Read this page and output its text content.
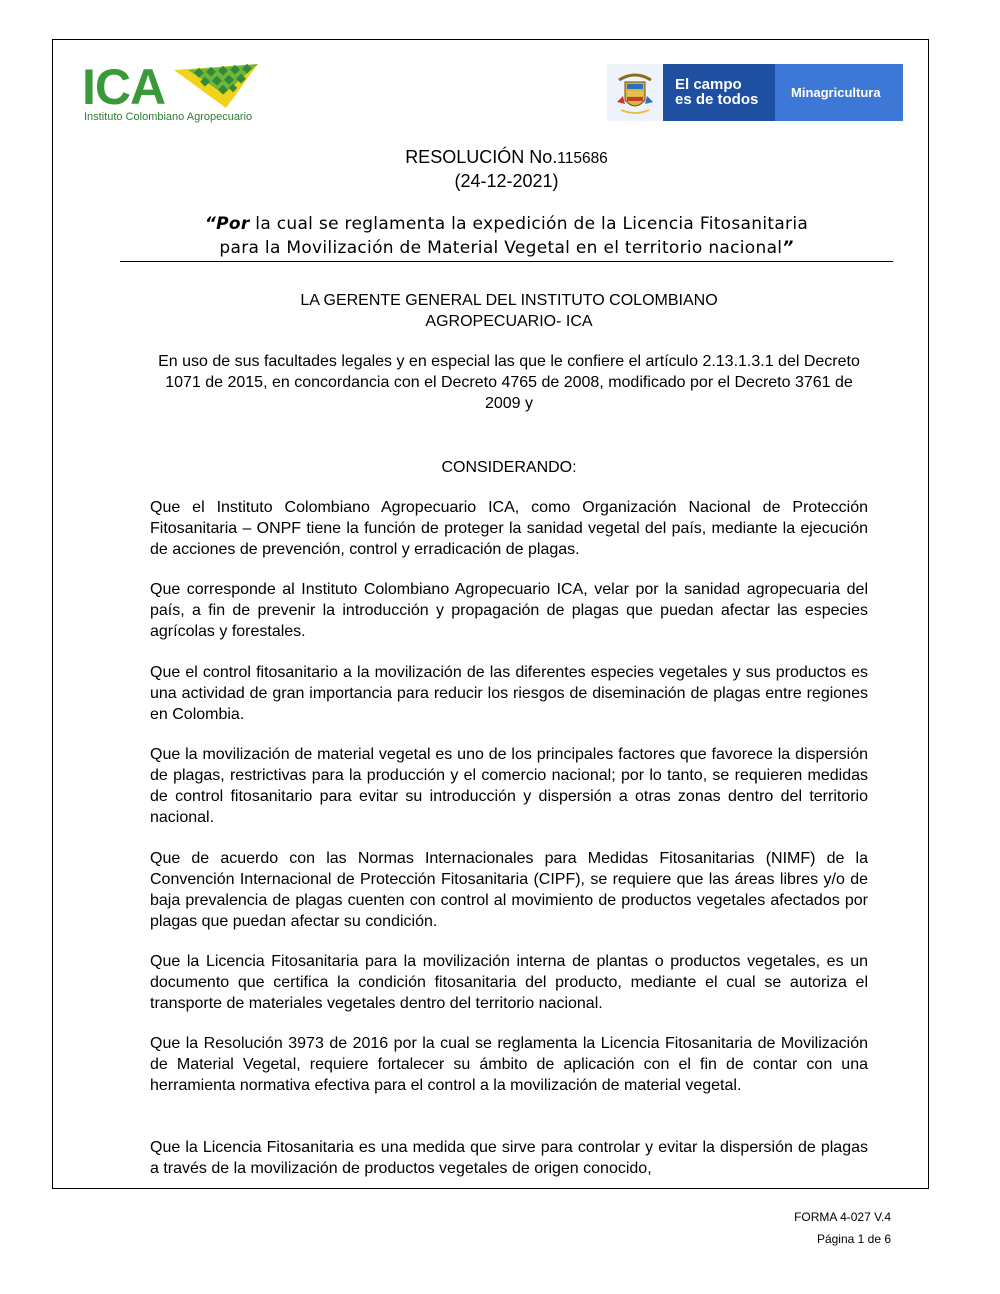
ICA
Instituto Colombiano Agropecuario
El campo
es de todos	Minagricultura
RESOLUCIÓN No.115686
(24-12-2021)
“Por la cual se reglamenta la expedición de la Licencia Fitosanitaria
para la Movilización de Material Vegetal en el territorio nacional”
LA GERENTE GENERAL DEL INSTITUTO COLOMBIANO
AGROPECUARIO- ICA
En uso de sus facultades legales y en especial las que le confiere el artículo 2.13.1.3.1 del Decreto 1071 de 2015, en concordancia con el Decreto 4765 de 2008, modificado por el Decreto 3761 de 2009 y
CONSIDERANDO:
Que el Instituto Colombiano Agropecuario ICA, como Organización Nacional de Protección Fitosanitaria – ONPF tiene la función de proteger la sanidad vegetal del país, mediante la ejecución de acciones de prevención, control y erradicación de plagas.
Que corresponde al Instituto Colombiano Agropecuario ICA, velar por la sanidad agropecuaria del país, a fin de prevenir la introducción y propagación de plagas que puedan afectar las especies agrícolas y forestales.
Que el control fitosanitario a la movilización de las diferentes especies vegetales y sus productos es una actividad de gran importancia para reducir los riesgos de diseminación de plagas entre regiones en Colombia.
Que la movilización de material vegetal es uno de los principales factores que favorece la dispersión de plagas, restrictivas para la producción y el comercio nacional; por lo tanto, se requieren medidas de control fitosanitario para evitar su introducción y dispersión a otras zonas dentro del territorio nacional.
Que de acuerdo con las Normas Internacionales para Medidas Fitosanitarias (NIMF) de la Convención Internacional de Protección Fitosanitaria (CIPF), se requiere que las áreas libres y/o de baja prevalencia de plagas cuenten con control al movimiento de productos vegetales afectados por plagas que puedan afectar su condición.
Que la Licencia Fitosanitaria para la movilización interna de plantas o productos vegetales, es un documento que certifica la condición fitosanitaria del producto, mediante el cual se autoriza el transporte de materiales vegetales dentro del territorio nacional.
Que la Resolución 3973 de 2016 por la cual se reglamenta la Licencia Fitosanitaria de Movilización de Material Vegetal, requiere fortalecer su ámbito de aplicación con el fin de contar con una herramienta normativa efectiva para el control a la movilización de material vegetal.
Que la Licencia Fitosanitaria es una medida que sirve para controlar y evitar la dispersión de plagas a través de la movilización de productos vegetales de origen conocido,
FORMA 4-027 V.4
Página 1 de 6
